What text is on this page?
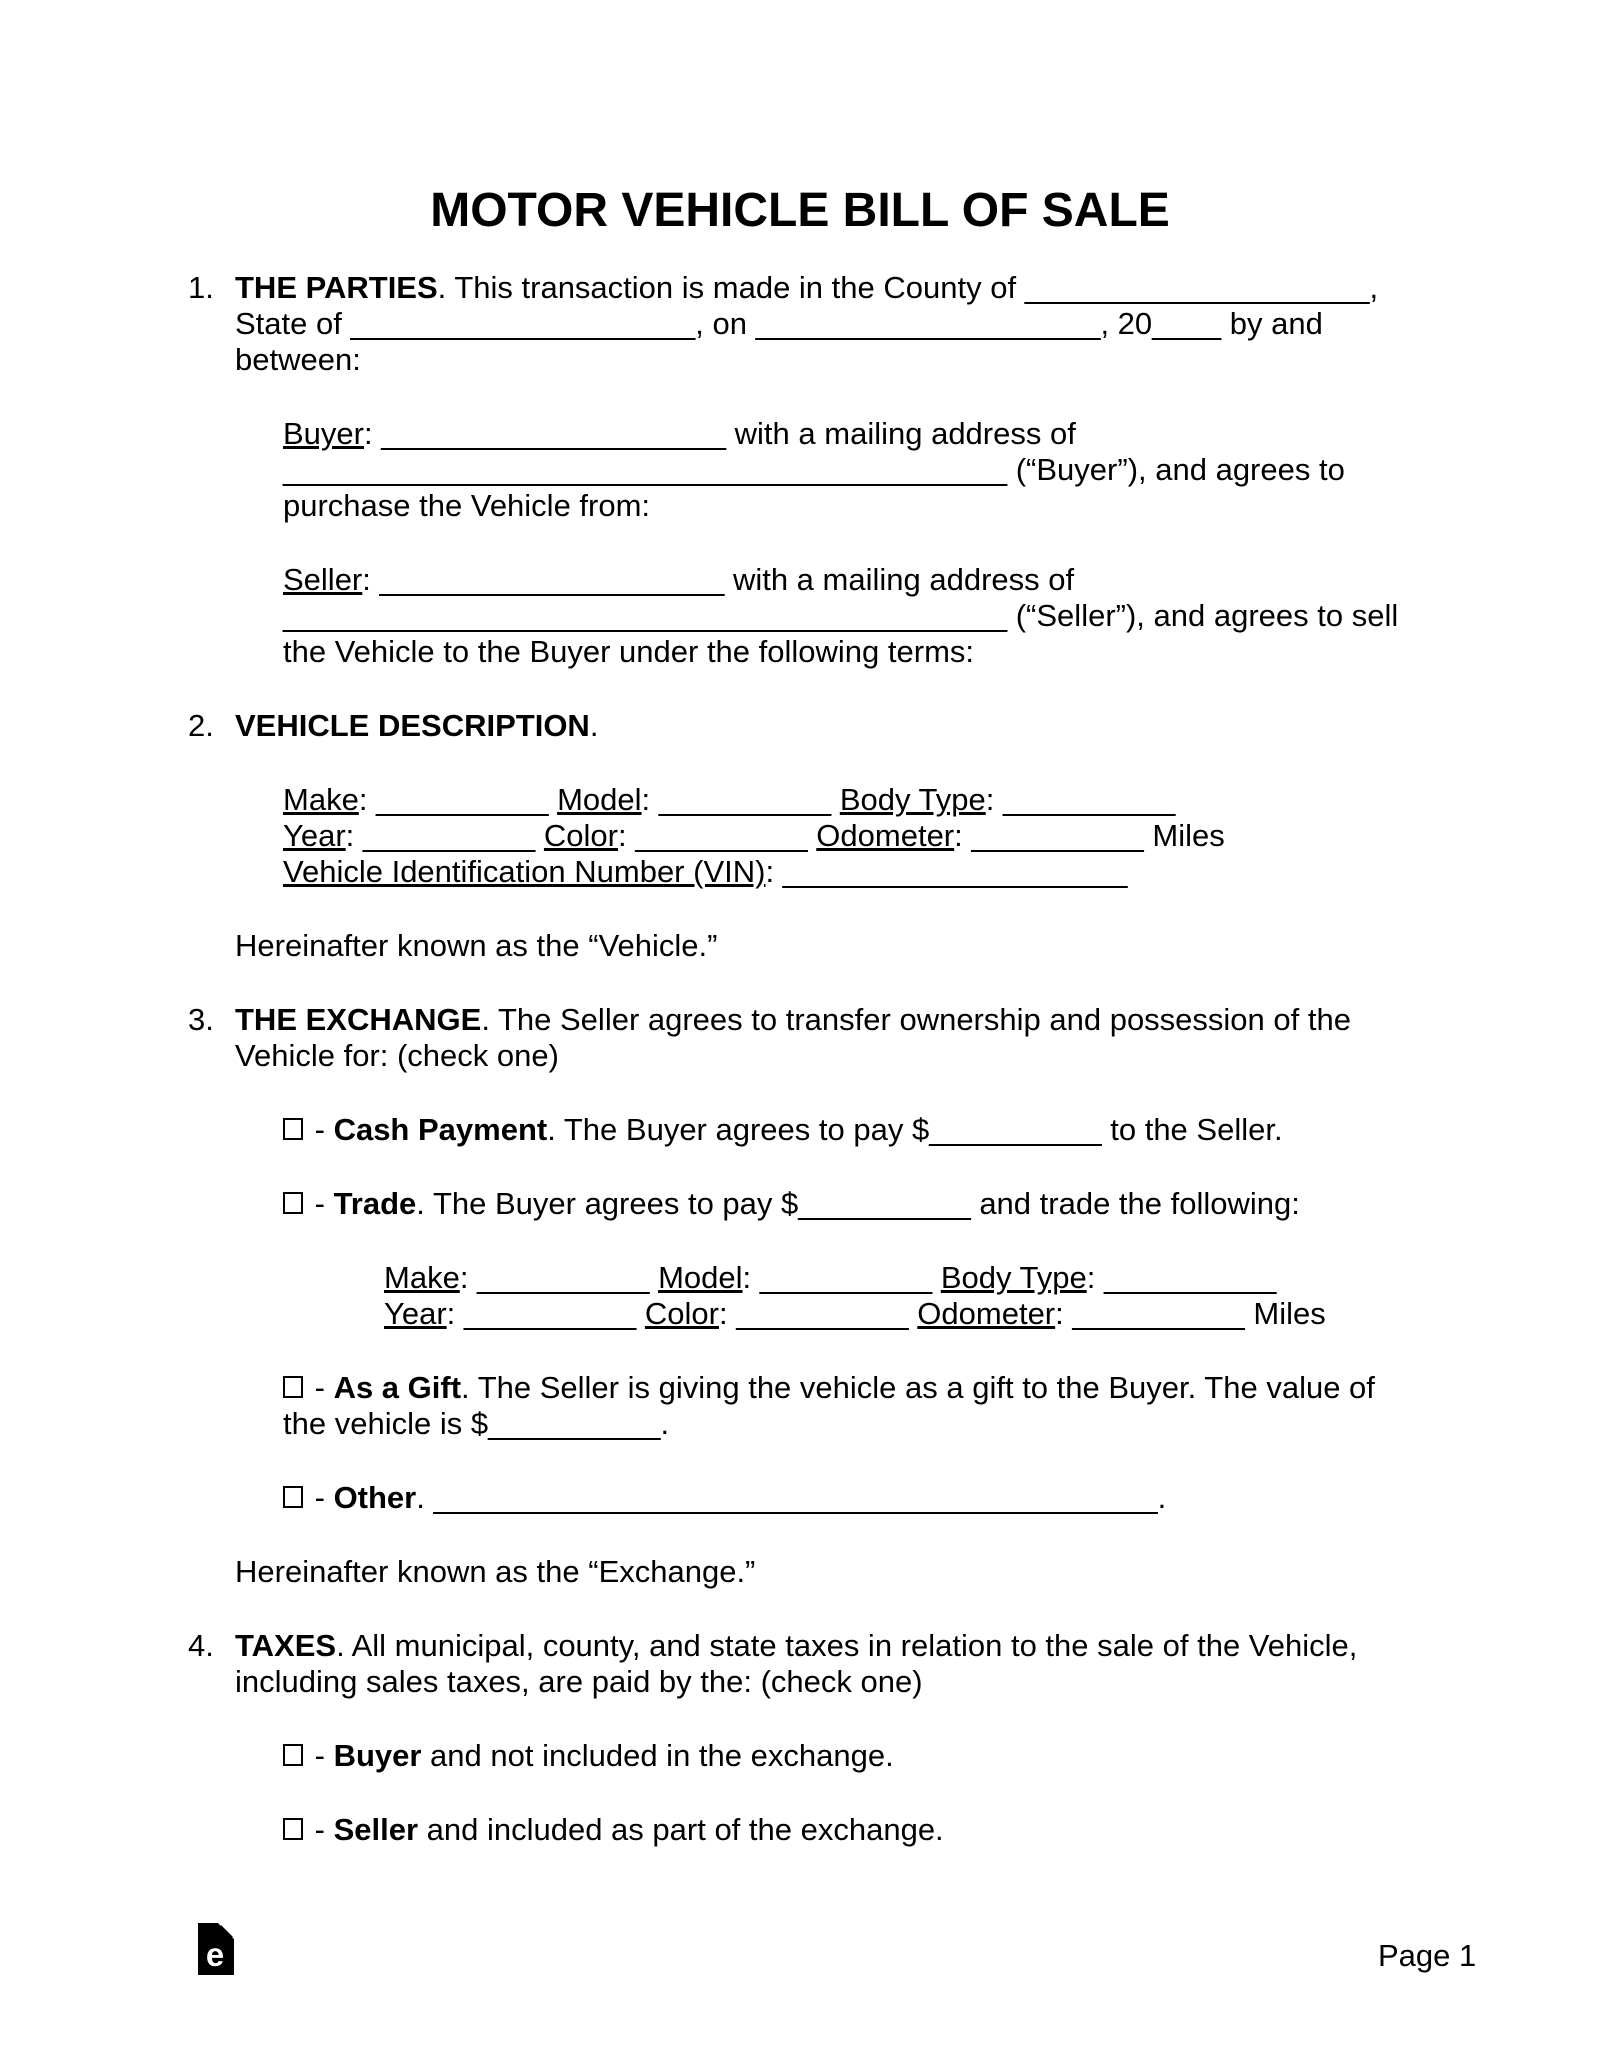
MOTOR VEHICLE BILL OF SALE
1. THE PARTIES. This transaction is made in the County of ____________________,
State of ____________________, on ____________________, 20____ by and
between:
Buyer: ____________________ with a mailing address of
__________________________________________ (“Buyer”), and agrees to
purchase the Vehicle from:
Seller: ____________________ with a mailing address of
__________________________________________ (“Seller”), and agrees to sell
the Vehicle to the Buyer under the following terms:
2. VEHICLE DESCRIPTION.
Make: __________ Model: __________ Body Type: __________
Year: __________ Color: __________ Odometer: __________ Miles
Vehicle Identification Number (VIN): ____________________
Hereinafter known as the “Vehicle.”
3. THE EXCHANGE. The Seller agrees to transfer ownership and possession of the
Vehicle for: (check one)
- Cash Payment. The Buyer agrees to pay $__________ to the Seller.
- Trade. The Buyer agrees to pay $__________ and trade the following:
Make: __________ Model: __________ Body Type: __________
Year: __________ Color: __________ Odometer: __________ Miles
- As a Gift. The Seller is giving the vehicle as a gift to the Buyer. The value of
the vehicle is $__________.
- Other. __________________________________________.
Hereinafter known as the “Exchange.”
4. TAXES. All municipal, county, and state taxes in relation to the sale of the Vehicle,
including sales taxes, are paid by the: (check one)
- Buyer and not included in the exchange.
- Seller and included as part of the exchange.
e	Page 1
